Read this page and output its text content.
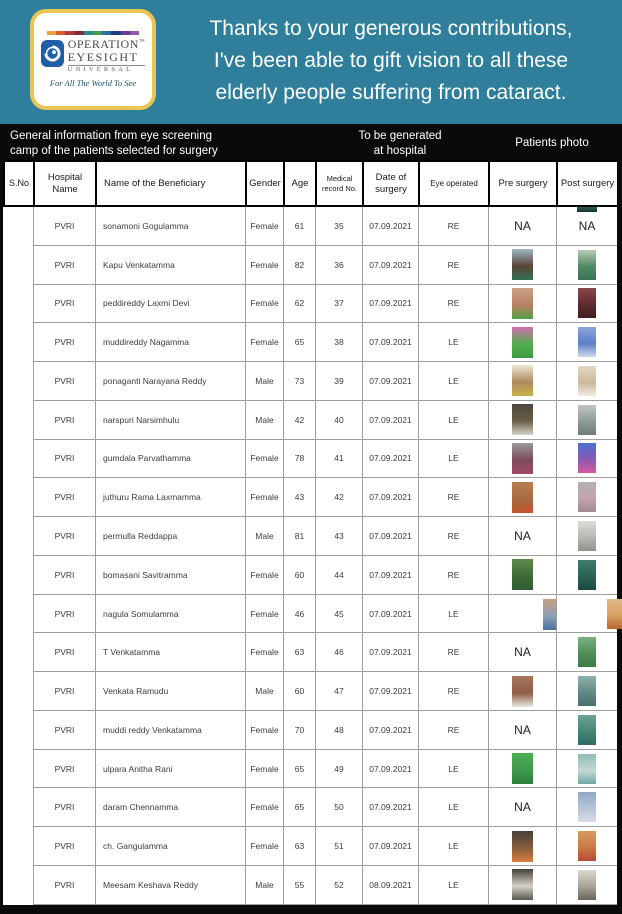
OPERATION™
EYESIGHT
UNIVERSAL
For All The World To See
Thanks to your generous contributions,
I've been able to gift vision to all these
elderly people suffering from cataract.
General information from eye screening
camp of the patients selected for surgery
To be generated
at hospital
Patients photo
S.No
Hospital Name
Name of the Beneficiary	Gender	Age	Medical record No.
Date of surgery
Eye operated	Pre surgery	Post surgery
PVRI	sonamoni Gogulamma	Female	61	35	07.09.2021	RE	NA	NA
PVRI	Kapu Venkatamma	Female	82	36	07.09.2021	RE
PVRI	peddireddy Laxmi Devi	Female	62	37	07.09.2021	RE
PVRI	muddireddy Nagamma	Female	65	38	07.09.2021	LE
PVRI	ponaganti Narayana Reddy	Male	73	39	07.09.2021	LE
PVRI	narspuri Narsimhulu	Male	42	40	07.09.2021	LE
PVRI	gumdala Parvathamma	Female	78	41	07.09.2021	LE
PVRI	juthuru Rama Laxmamma	Female	43	42	07.09.2021	RE
PVRI	permulla Reddappa	Male	81	43	07.09.2021	RE	NA
PVRI	bomasani Savitramma	Female	60	44	07.09.2021	RE
PVRI	nagula Somulamma	Female	46	45	07.09.2021	LE
PVRI	T Venkatamma	Female	63	46	07.09.2021	RE	NA
PVRI	Venkata Ramudu	Male	60	47	07.09.2021	RE
PVRI	muddi reddy Venkatamma	Female	70	48	07.09.2021	RE	NA
PVRI	ulpara Anitha Rani	Female	65	49	07.09.2021	LE
PVRI	daram Chennamma	Female	65	50	07.09.2021	LE	NA
PVRI	ch. Gangulamma	Female	63	51	07.09.2021	LE
PVRI	Meesam Keshava Reddy	Male	55	52	08.09.2021	LE
